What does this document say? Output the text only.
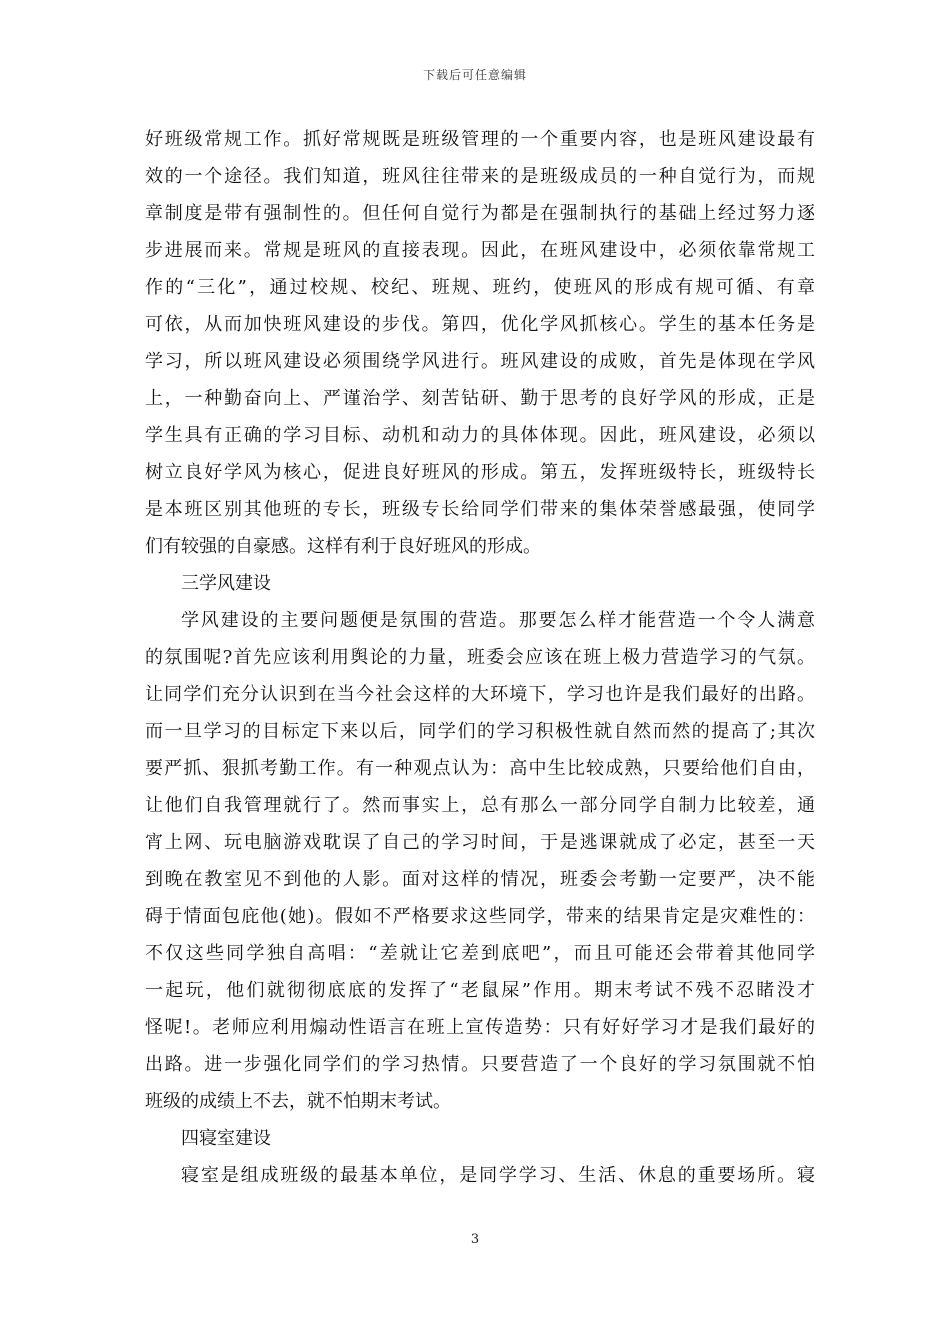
下载后可任意编辑
好班级常规工作。抓好常规既是班级管理的一个重要内容，也是班风建设最有
效的一个途径。我们知道，班风往往带来的是班级成员的一种自觉行为，而规
章制度是带有强制性的。但任何自觉行为都是在强制执行的基础上经过努力逐
步进展而来。常规是班风的直接表现。因此，在班风建设中，必须依靠常规工
作的“三化”，通过校规、校纪、班规、班约，使班风的形成有规可循、有章
可依，从而加快班风建设的步伐。第四，优化学风抓核心。学生的基本任务是
学习，所以班风建设必须围绕学风进行。班风建设的成败，首先是体现在学风
上，一种勤奋向上、严谨治学、刻苦钻研、勤于思考的良好学风的形成，正是
学生具有正确的学习目标、动机和动力的具体体现。因此，班风建设，必须以
树立良好学风为核心，促进良好班风的形成。第五，发挥班级特长，班级特长
是本班区别其他班的专长，班级专长给同学们带来的集体荣誉感最强，使同学
们有较强的自豪感。这样有利于良好班风的形成。
三学风建设
学风建设的主要问题便是氛围的营造。那要怎么样才能营造一个令人满意
的氛围呢?首先应该利用舆论的力量，班委会应该在班上极力营造学习的气氛。
让同学们充分认识到在当今社会这样的大环境下，学习也许是我们最好的出路。
而一旦学习的目标定下来以后，同学们的学习积极性就自然而然的提高了;其次
要严抓、狠抓考勤工作。有一种观点认为：高中生比较成熟，只要给他们自由，
让他们自我管理就行了。然而事实上，总有那么一部分同学自制力比较差，通
宵上网、玩电脑游戏耽误了自己的学习时间，于是逃课就成了必定，甚至一天
到晚在教室见不到他的人影。面对这样的情况，班委会考勤一定要严，决不能
碍于情面包庇他(她)。假如不严格要求这些同学，带来的结果肯定是灾难性的：
不仅这些同学独自高唱：“差就让它差到底吧”，而且可能还会带着其他同学
一起玩，他们就彻彻底底的发挥了“老鼠屎”作用。期末考试不残不忍睹没才
怪呢!。老师应利用煽动性语言在班上宣传造势：只有好好学习才是我们最好的
出路。进一步强化同学们的学习热情。只要营造了一个良好的学习氛围就不怕
班级的成绩上不去，就不怕期末考试。
四寝室建设
寝室是组成班级的最基本单位，是同学学习、生活、休息的重要场所。寝
3
